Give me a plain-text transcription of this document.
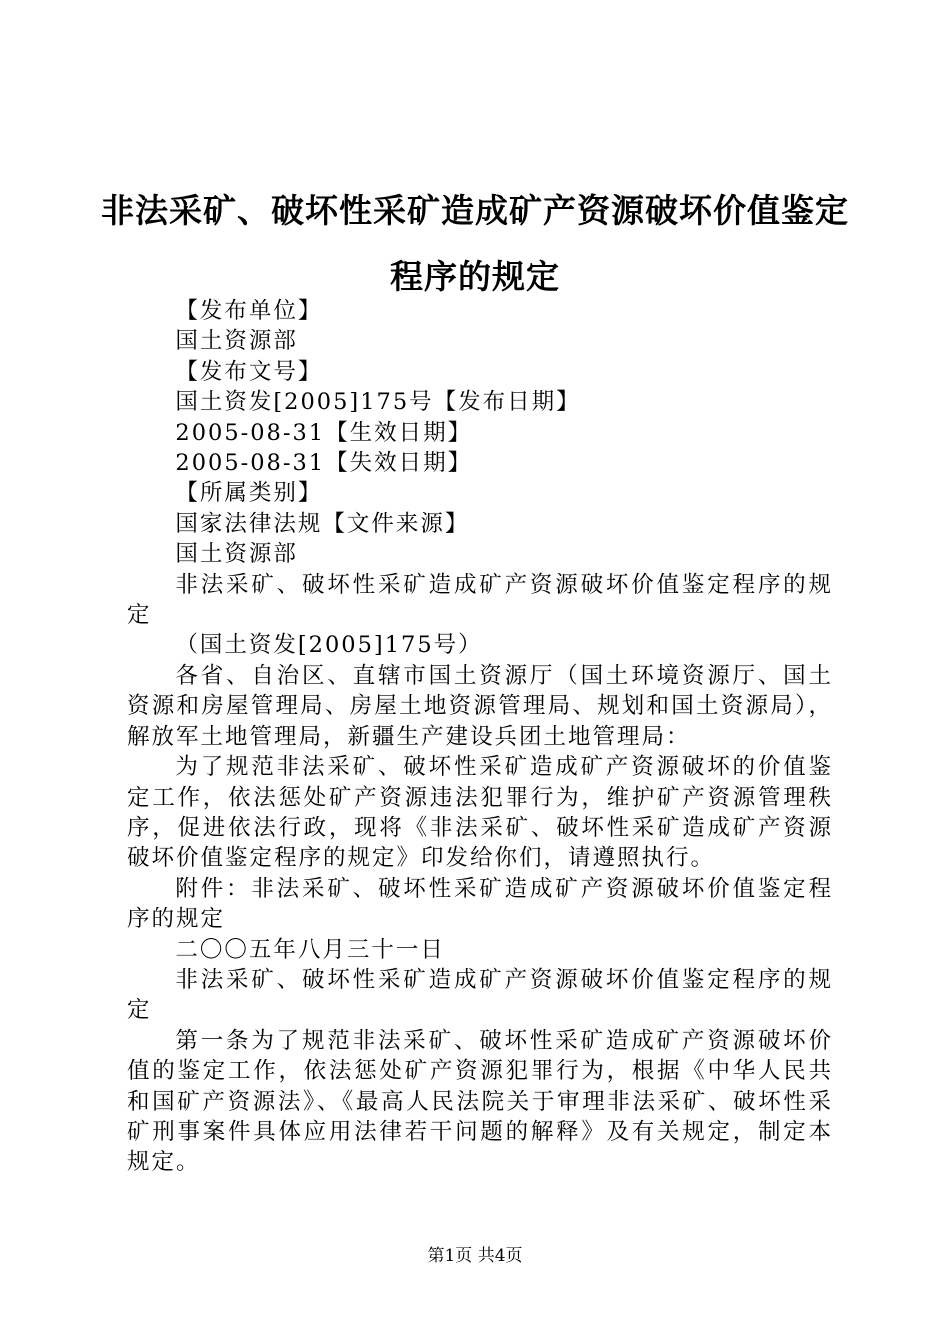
非法采矿、破坏性采矿造成矿产资源破坏价值鉴定程序的规定

【发布单位】

国土资源部

【发布文号】

国土资发[2005]175号【发布日期】

2005-08-31【生效日期】

2005-08-31【失效日期】

【所属类别】

国家法律法规【文件来源】

国土资源部

非法采矿、破坏性采矿造成矿产资源破坏价值鉴定程序的规定

（国土资发[2005]175号）

各省、自治区、直辖市国土资源厅（国土环境资源厅、国土资源和房屋管理局、房屋土地资源管理局、规划和国土资源局），解放军土地管理局，新疆生产建设兵团土地管理局：

为了规范非法采矿、破坏性采矿造成矿产资源破坏的价值鉴定工作，依法惩处矿产资源违法犯罪行为，维护矿产资源管理秩序，促进依法行政，现将《非法采矿、破坏性采矿造成矿产资源破坏价值鉴定程序的规定》印发给你们，请遵照执行。

附件：非法采矿、破坏性采矿造成矿产资源破坏价值鉴定程序的规定

二〇〇五年八月三十一日

非法采矿、破坏性采矿造成矿产资源破坏价值鉴定程序的规定

第一条为了规范非法采矿、破坏性采矿造成矿产资源破坏价值的鉴定工作，依法惩处矿产资源犯罪行为，根据《中华人民共和国矿产资源法》、《最高人民法院关于审理非法采矿、破坏性采矿刑事案件具体应用法律若干问题的解释》及有关规定，制定本规定。

第1页 共4页
